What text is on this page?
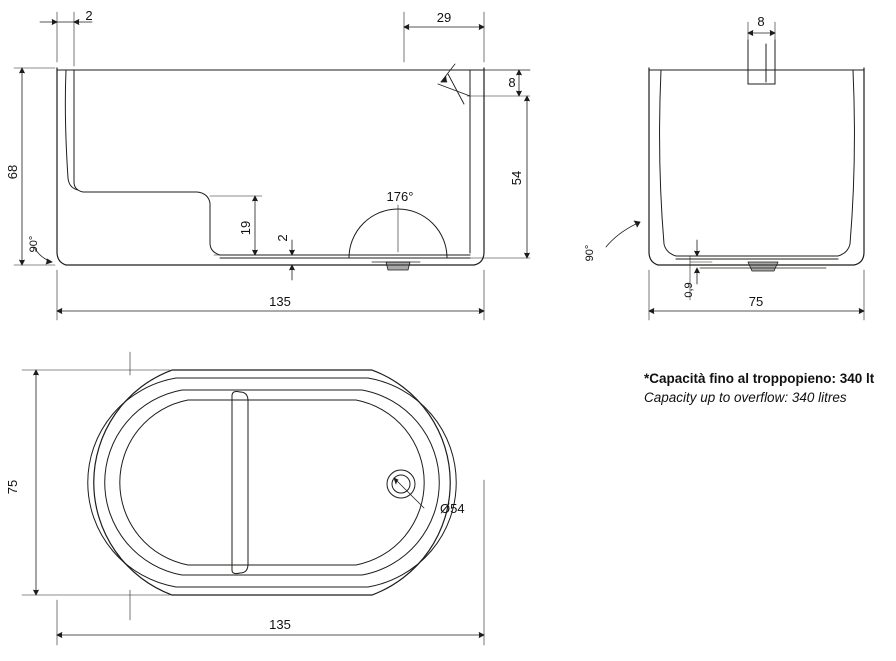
2	29
8
68	54
19
2
135
90°
176°
8
75
0,9
90°
75
135
Ø54
*Capacità fino al troppopieno: 340 lt
Capacity up to overflow: 340 litres
